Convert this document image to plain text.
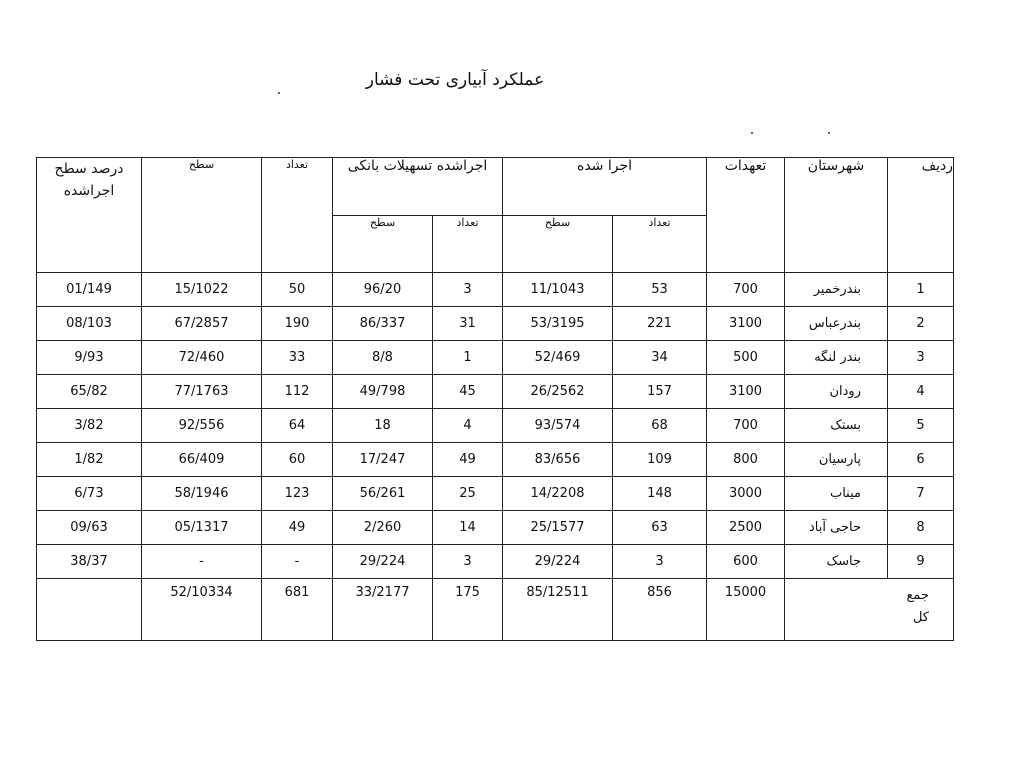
عملکرد آبیاری تحت فشار
ردیف	شهرستان	تعهدات	اجرا شده		اجراشده تسهیلات بانکی		تعداد	سطح	درصد سطح اجراشده
			تعداد	سطح	تعداد	سطح			
1	بندرخمیر	700	53	11/1043	3	96/20	50	15/1022	01/149
2	بندرعباس	3100	221	53/3195	31	86/337	190	67/2857	08/103
3	بندر لنگه	500	34	52/469	1	8/8	33	72/460	9/93
4	رودان	3100	157	26/2562	45	49/798	112	77/1763	65/82
5	بستک	700	68	93/574	4	18	64	92/556	3/82
6	پارسیان	800	109	83/656	49	17/247	60	66/409	1/82
7	میناب	3000	148	14/2208	25	56/261	123	58/1946	6/73
8	حاجی آباد	2500	63	25/1577	14	2/260	49	05/1317	09/63
9	جاسک	600	3	29/224	3	29/224	-	-	38/37

جمع
کل		15000	856	85/12511	175	33/2177	681	52/10334	
